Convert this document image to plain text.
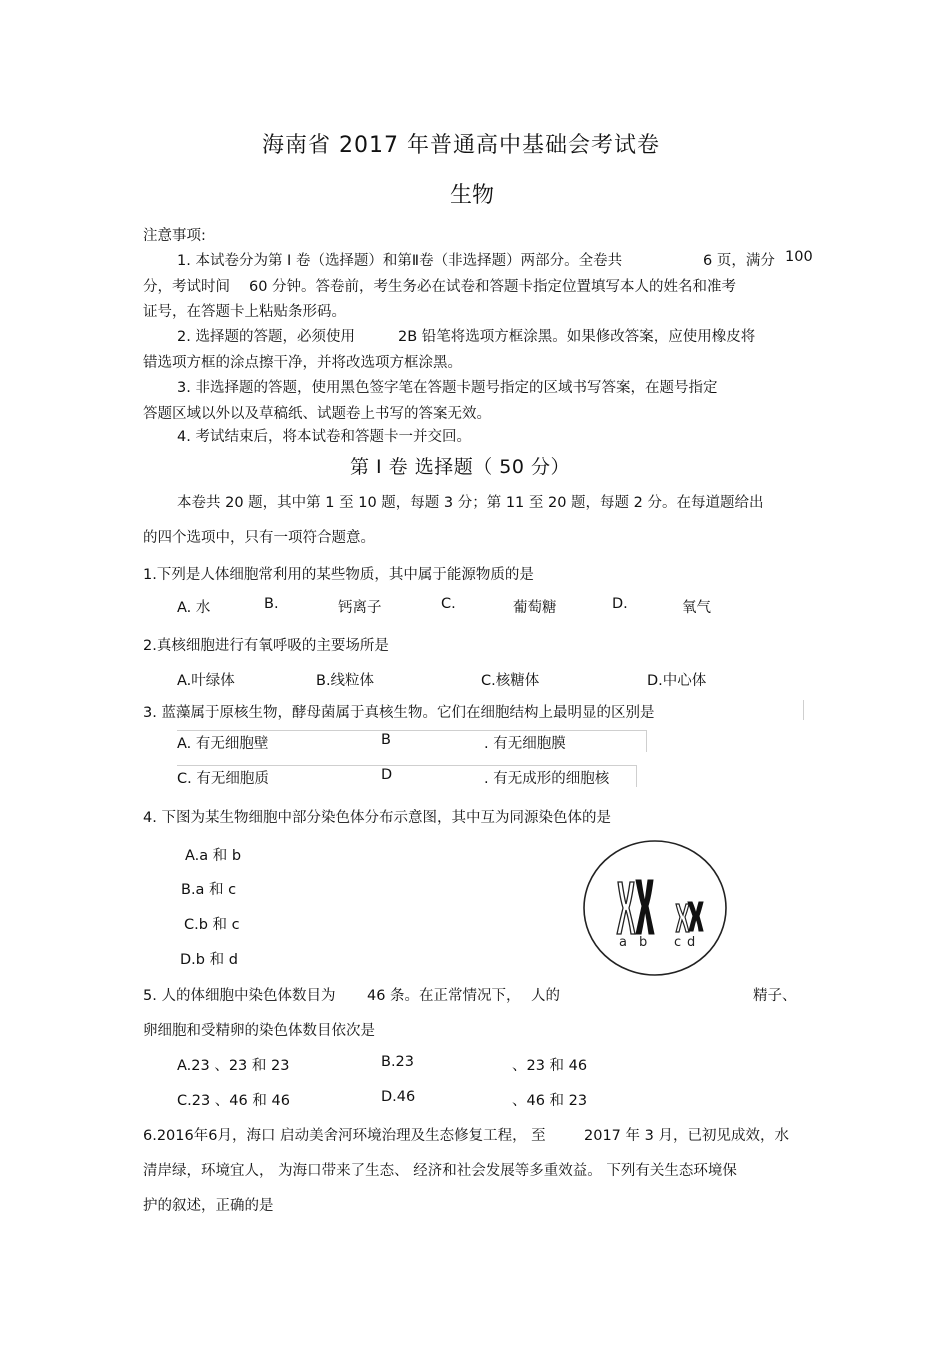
海南省 2017 年普通高中基础会考试卷
生物
注意事项:
1. 本试卷分为第 I 卷（选择题）和第Ⅱ卷（非选择题）两部分。全卷共	6 页，满分 100
分，考试时间 60 分钟。答卷前，考生务必在试卷和答题卡指定位置填写本人的姓名和准考
证号，在答题卡上粘贴条形码。
2. 选择题的答题，必须使用	2B 铅笔将选项方框涂黑。如果修改答案，应使用橡皮将
错选项方框的涂点擦干净，并将改选项方框涂黑。
3. 非选择题的答题，使用黑色签字笔在答题卡题号指定的区域书写答案，在题号指定
答题区域以外以及草稿纸、试题卷上书写的答案无效。
4. 考试结束后，将本试卷和答题卡一并交回。
第 I 卷 选择题（ 50 分）
本卷共 20 题，其中第 1 至 10 题，每题 3 分；第 11 至 20 题，每题 2 分。在每道题给出
的四个选项中，只有一项符合题意。
1.下列是人体细胞常利用的某些物质，其中属于能源物质的是
A. 水	B.	钙离子	C.	葡萄糖	D.	氧气
2.真核细胞进行有氧呼吸的主要场所是
A.叶绿体	B.线粒体	C.核糖体	D.中心体
3. 蓝藻属于原核生物，酵母菌属于真核生物。它们在细胞结构上最明显的区别是
A. 有无细胞壁	B	. 有无细胞膜
C. 有无细胞质	D	. 有无成形的细胞核
4. 下图为某生物细胞中部分染色体分布示意图，其中互为同源染色体的是
A.a 和 b
B.a 和 c
C.b 和 c
D.b 和 d
a b c d
5. 人的体细胞中染色体数目为 46 条。在正常情况下， 人的	精子、
卵细胞和受精卵的染色体数目依次是
A.23 、23 和 23	B.23	、23 和 46
C.23 、46 和 46	D.46	、46 和 23
6.2016年6月，海口 启动美舍河环境治理及生态修复工程， 至	2017 年 3 月，已初见成效，水
清岸绿，环境宜人， 为海口带来了生态、 经济和社会发展等多重效益。 下列有关生态环境保
护的叙述，正确的是
